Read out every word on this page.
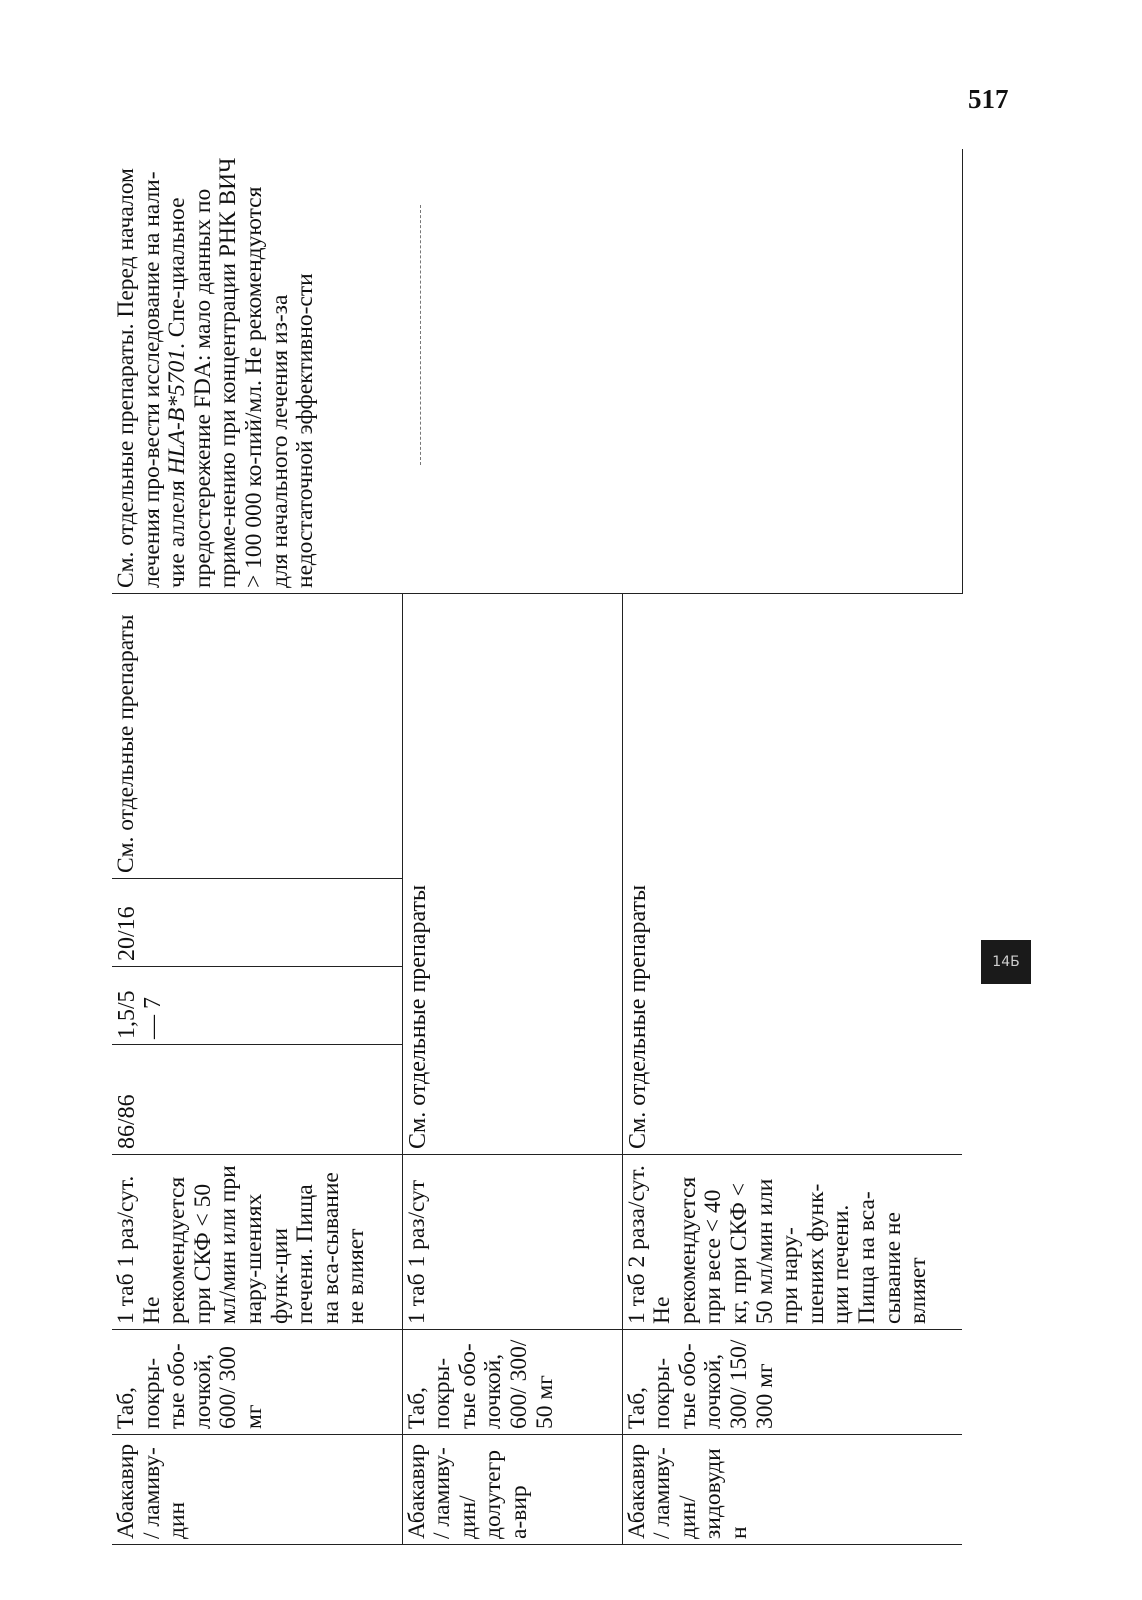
517
Абакавир/ ламиву-дин	Таб, покры-тые обо-лочкой, 600/ 300 мг	1 таб 1 раз/сут. Не рекомендуется при СКФ < 50 мл/мин или при нару-шениях функ-ции печени. Пища на вса-сывание не влияет	86/86	1,5/5— 7	20/16	См. отдельные препараты	См. отдельные препараты. Перед началом лечения про-вести исследование на нали-чие аллеля HLA-B*5701. Спе-циальное предостережение FDA: мало данных по приме-нению при концентрации РНК ВИЧ > 100 000 ко-пий/мл. Не рекомендуются для начального лечения из-за недостаточной эффективно-сти
Абакавир/ ламиву-дин/ долутегра-вир	Таб, покры-тые обо-лочкой, 600/ 300/ 50 мг	1 таб 1 раз/сут	См. отдельные препараты				
Абакавир/ ламиву-дин/ зидовудин	Таб, покры-тые обо-лочкой, 300/ 150/ 300 мг	1 таб 2 раза/сут. Не рекомендуется при весе < 40 кг, при СКФ < 50 мл/мин или при нару-шениях функ-ции печени. Пища на вса-сывание не влияет	См. отдельные препараты					14Б
